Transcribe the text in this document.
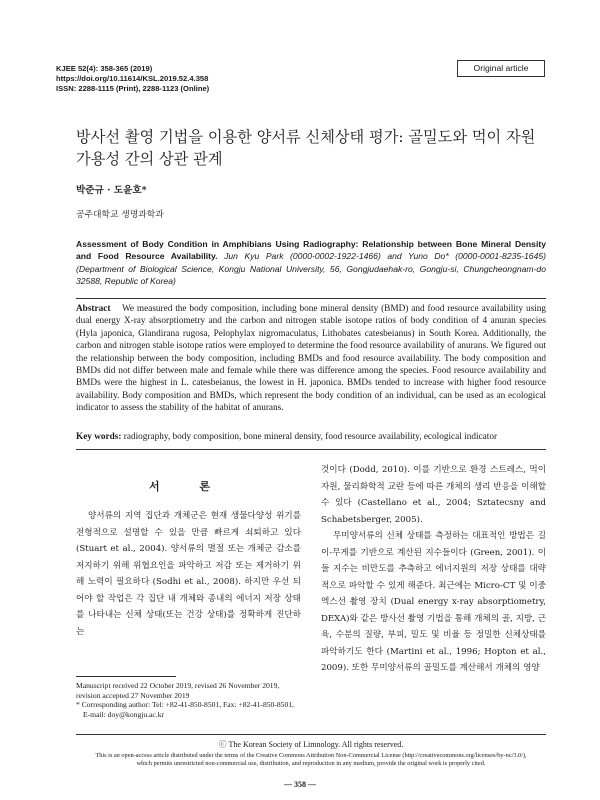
KJEE 52(4): 358-365 (2019)
https://doi.org/10.11614/KSL.2019.52.4.358
ISSN: 2288-1115 (Print), 2288-1123 (Online)
Original article
방사선 촬영 기법을 이용한 양서류 신체상태 평가: 골밀도와 먹이 자원 가용성 간의 상관 관계
박준규 · 도윤호*
공주대학교 생명과학과
Assessment of Body Condition in Amphibians Using Radiography: Relationship between Bone Mineral Density and Food Resource Availability. Jun Kyu Park (0000-0002-1922-1466) and Yuno Do* (0000-0001-8235-1645) (Department of Biological Science, Kongju National University, 56, Gongjudaehak-ro, Gongju-si, Chungcheongnam-do 32588, Republic of Korea)
Abstract We measured the body composition, including bone mineral density (BMD) and food resource availability using dual energy X-ray absorptiometry and the carbon and nitrogen stable isotope ratios of body condition of 4 anuran species (Hyla japonica, Glandirana rugosa, Pelophylax nigromaculatus, Lithobates catesbeianus) in South Korea. Additionally, the carbon and nitrogen stable isotope ratios were employed to determine the food resource availability of anurans. We figured out the relationship between the body composition, including BMDs and food resource availability. The body composition and BMDs did not differ between male and female while there was difference among the species. Food resource availability and BMDs were the highest in L. catesbeianus, the lowest in H. japonica. BMDs tended to increase with higher food resource availability. Body composition and BMDs, which represent the body condition of an individual, can be used as an ecological indicator to assess the stability of the habitat of anurans.
Key words: radiography, body composition, bone mineral density, food resource availability, ecological indicator
서 론

양서류의 지역 집단과 개체군은 현재 생물다양성 위기를 전형적으로 설명할 수 있을 만큼 빠르게 쇠퇴하고 있다 (Stuart et al., 2004). 양서류의 멸절 또는 개체군 감소를 저지하기 위해 위협요인을 파악하고 저감 또는 제거하기 위해 노력이 필요하다 (Sodhi et al., 2008). 하지만 우선 되어야 할 작업은 각 집단 내 개체와 종내의 에너지 저장 상태를 나타내는 신체 상태(또는 건강 상태)를 정확하게 진단하는

것이다 (Dodd, 2010). 이를 기반으로 환경 스트레스, 먹이자원, 물리화학적 교란 등에 따른 개체의 생리 반응을 이해할 수 있다 (Castellano et al., 2004; Sztatecsny and Schabetsberger, 2005).

무미양서류의 신체 상태를 측정하는 대표적인 방법은 길이-무게를 기반으로 계산된 지수들이다 (Green, 2001). 이들 지수는 비만도를 추측하고 에너지원의 저장 상태를 대략적으로 파악할 수 있게 해준다. 최근에는 Micro-CT 및 이중 엑스선 촬영 장치 (Dual energy x-ray absorptiometry, DEXA)와 같은 방사선 촬영 기법을 통해 개체의 골, 지방, 근육, 수분의 질량, 부피, 밀도 및 비율 등 정밀한 신체상태를 파악하기도 한다 (Martini et al., 1996; Hopton et al., 2009). 또한 무미양서류의 골밀도를 계산해서 개체의 영양

Manuscript received 22 October 2019, revised 26 November 2019,
revision accepted 27 November 2019
* Corresponding author: Tel: +82-41-850-8501, Fax: +82-41-850-8501,
E-mail: doy@kongju.ac.kr
ⓒ The Korean Society of Limnology. All rights reserved.
This is an open-access article distributed under the terms of the Creative Commons Attribution Non-Commercial License (http://creativecommons.org/licenses/by-nc/3.0/),
which permits unrestricted non-commercial use, distribution, and reproduction in any medium, provide the original work is properly cited.
— 358 —
